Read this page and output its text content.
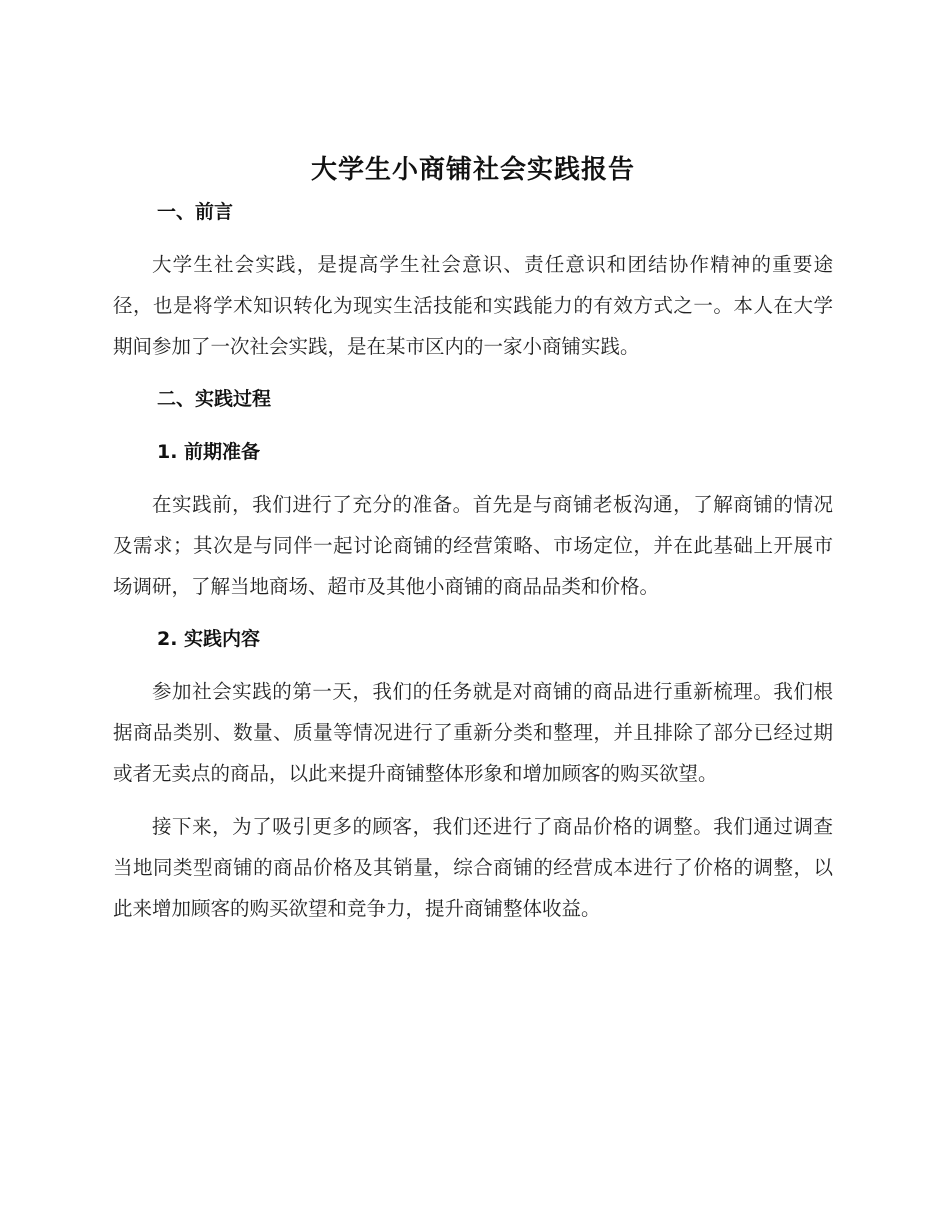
大学生小商铺社会实践报告
一、前言

大学生社会实践，是提高学生社会意识、责任意识和团结协作精神的重要途径，也是将学术知识转化为现实生活技能和实践能力的有效方式之一。本人在大学期间参加了一次社会实践，是在某市区内的一家小商铺实践。

二、实践过程
1. 前期准备

在实践前，我们进行了充分的准备。首先是与商铺老板沟通，了解商铺的情况及需求；其次是与同伴一起讨论商铺的经营策略、市场定位，并在此基础上开展市场调研，了解当地商场、超市及其他小商铺的商品品类和价格。

2. 实践内容

参加社会实践的第一天，我们的任务就是对商铺的商品进行重新梳理。我们根据商品类别、数量、质量等情况进行了重新分类和整理，并且排除了部分已经过期或者无卖点的商品，以此来提升商铺整体形象和增加顾客的购买欲望。

接下来，为了吸引更多的顾客，我们还进行了商品价格的调整。我们通过调查当地同类型商铺的商品价格及其销量，综合商铺的经营成本进行了价格的调整，以此来增加顾客的购买欲望和竞争力，提升商铺整体收益。
